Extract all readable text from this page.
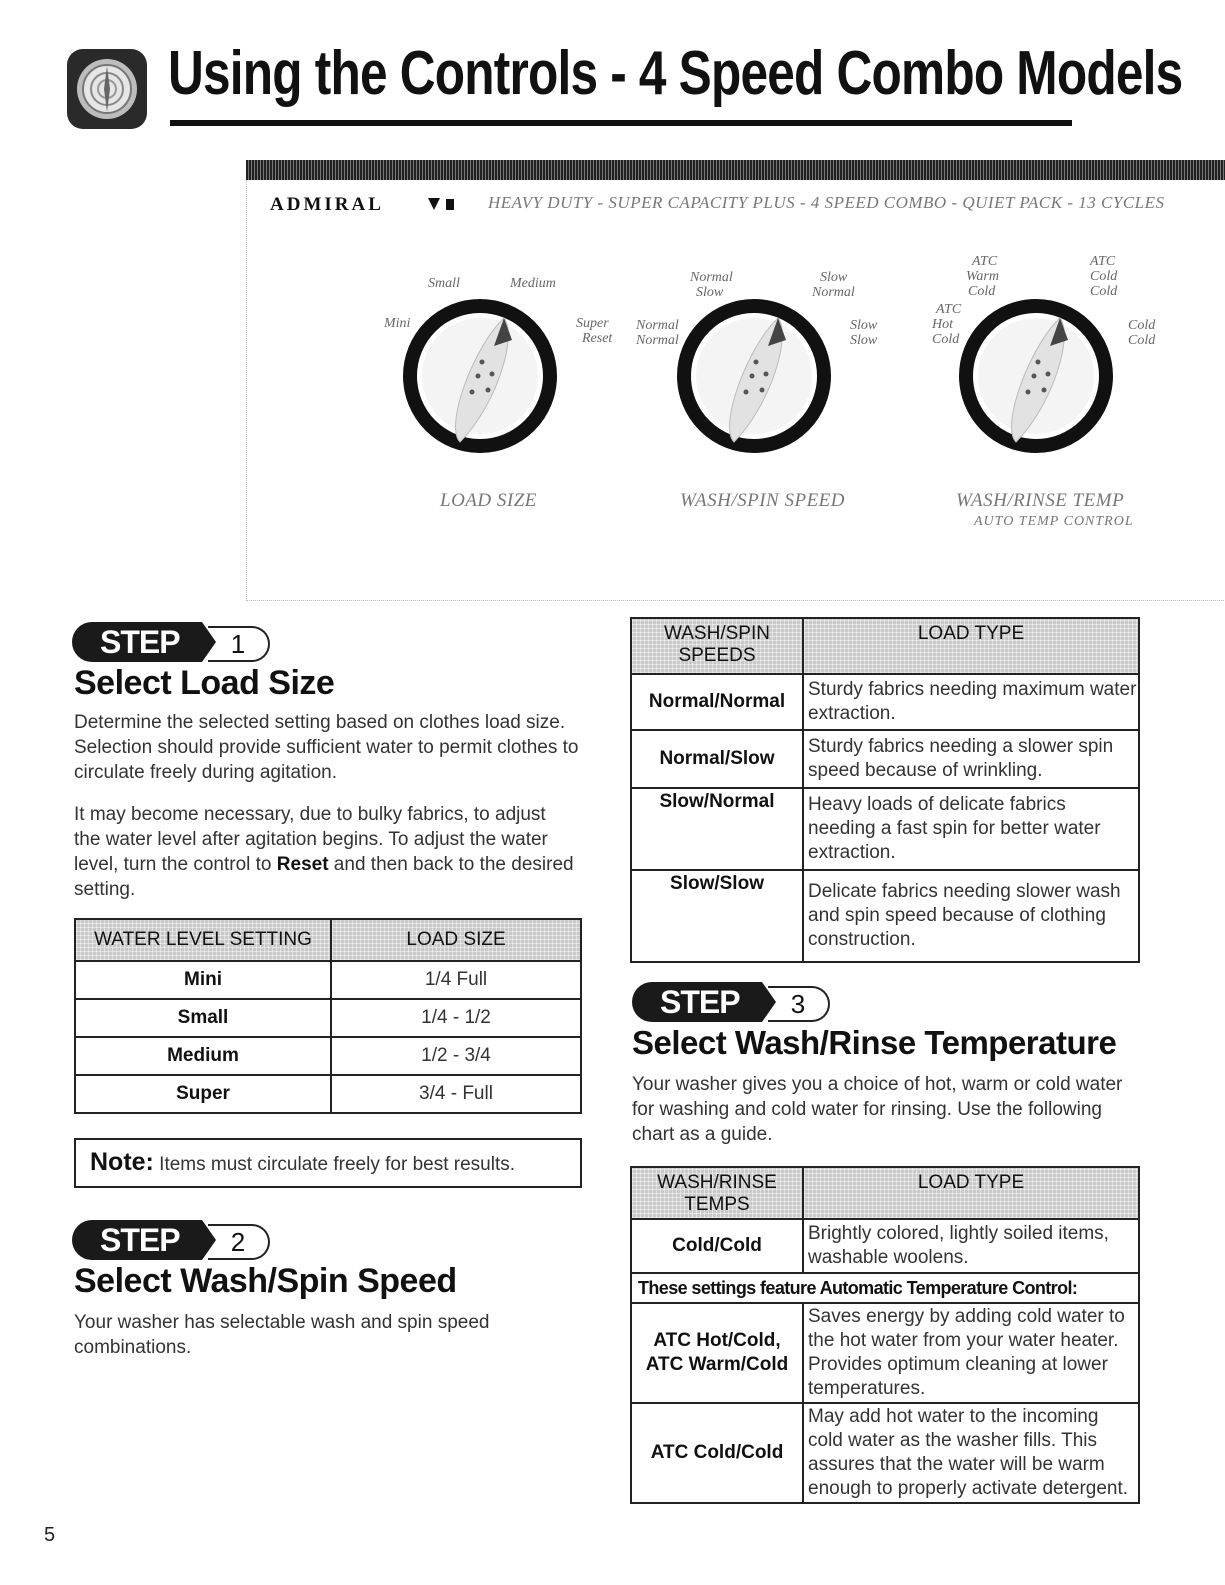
Using the Controls - 4 Speed Combo Models
ADMIRAL	HEAVY DUTY - SUPER CAPACITY PLUS - 4 SPEED COMBO - QUIET PACK - 13 CYCLES
Small	Medium
Mini	Super
Reset
Normal
Slow
Slow
Normal
Normal
Normal
Slow
Slow
ATC
Warm
Cold
ATC
Cold
Cold
ATC
Hot
Cold
Cold
Cold
LOAD SIZE	WASH/SPIN SPEED	WASH/RINSE TEMP
AUTO TEMP CONTROL
STEP	1
Select Load Size

Determine the selected setting based on clothes load size. Selection should provide sufficient water to permit clothes to circulate freely during agitation.

It may become necessary, due to bulky fabrics, to adjust the water level after agitation begins. To adjust the water level, turn the control to Reset and then back to the desired setting.

WATER LEVEL SETTING	LOAD SIZE
Mini	1/4 Full
Small	1/4 - 1/2
Medium	1/2 - 3/4
Super	3/4 - Full
Note: Items must circulate freely for best results.
STEP	2
Select Wash/Spin Speed

Your washer has selectable wash and spin speed combinations.

WASH/SPIN SPEEDS	LOAD TYPE
Normal/Normal	Sturdy fabrics needing maximum water extraction.
Normal/Slow	Sturdy fabrics needing a slower spin speed because of wrinkling.
Slow/Normal	Heavy loads of delicate fabrics needing a fast spin for better water extraction.
Slow/Slow	Delicate fabrics needing slower wash and spin speed because of clothing construction.
STEP	3
Select Wash/Rinse Temperature

Your washer gives you a choice of hot, warm or cold water for washing and cold water for rinsing. Use the following chart as a guide.

WASH/RINSE TEMPS	LOAD TYPE
Cold/Cold	Brightly colored, lightly soiled items, washable woolens.
These settings feature Automatic Temperature Control:	
ATC Hot/Cold, ATC Warm/Cold	Saves energy by adding cold water to the hot water from your water heater. Provides optimum cleaning at lower temperatures.
ATC Cold/Cold	May add hot water to the incoming cold water as the washer fills. This assures that the water will be warm enough to properly activate detergent.
5
